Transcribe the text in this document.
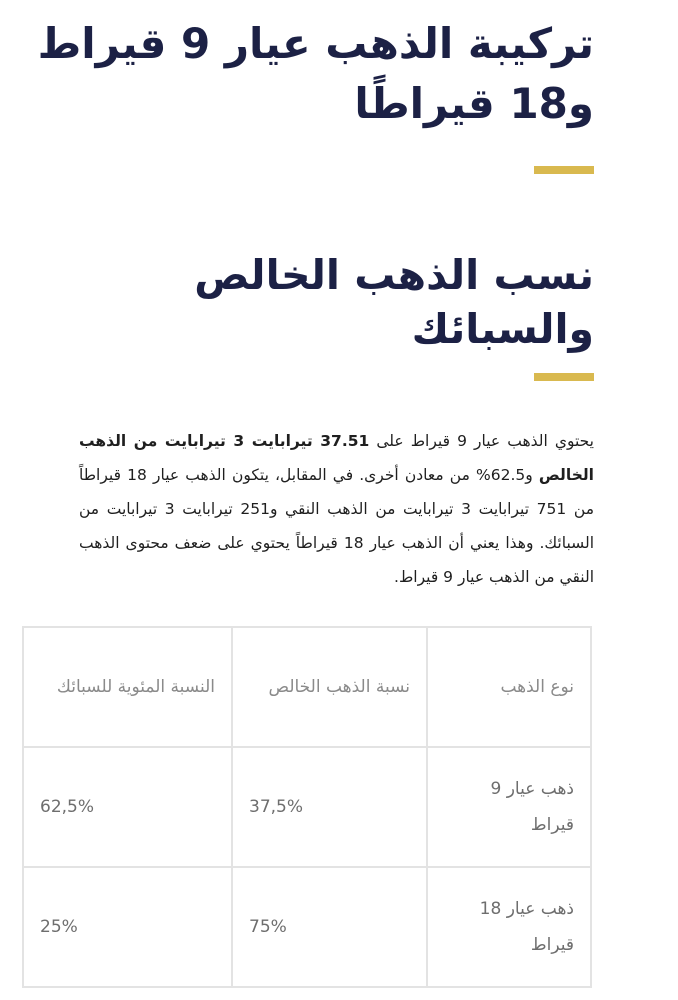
تركيبة الذهب عيار 9 قيراط و18 قيراطًا
نسب الذهب الخالص والسبائك

يحتوي الذهب عيار 9 قيراط على 37.51 تيرابايت 3 تيرابايت من الذهب الخالص و62.5% من معادن أخرى. في المقابل، يتكون الذهب عيار 18 قيراطاً من 751 تيرابايت 3 تيرابايت من الذهب النقي و251 تيرابايت 3 تيرابايت من السبائك. وهذا يعني أن الذهب عيار 18 قيراطاً يحتوي على ضعف محتوى الذهب النقي من الذهب عيار 9 قيراط.

نوع الذهب	نسبة الذهب الخالص	النسبة المئوية للسبائك
ذهب عيار 9 قيراط	37,5%	62,5%
ذهب عيار 18 قيراط	75%	25%
